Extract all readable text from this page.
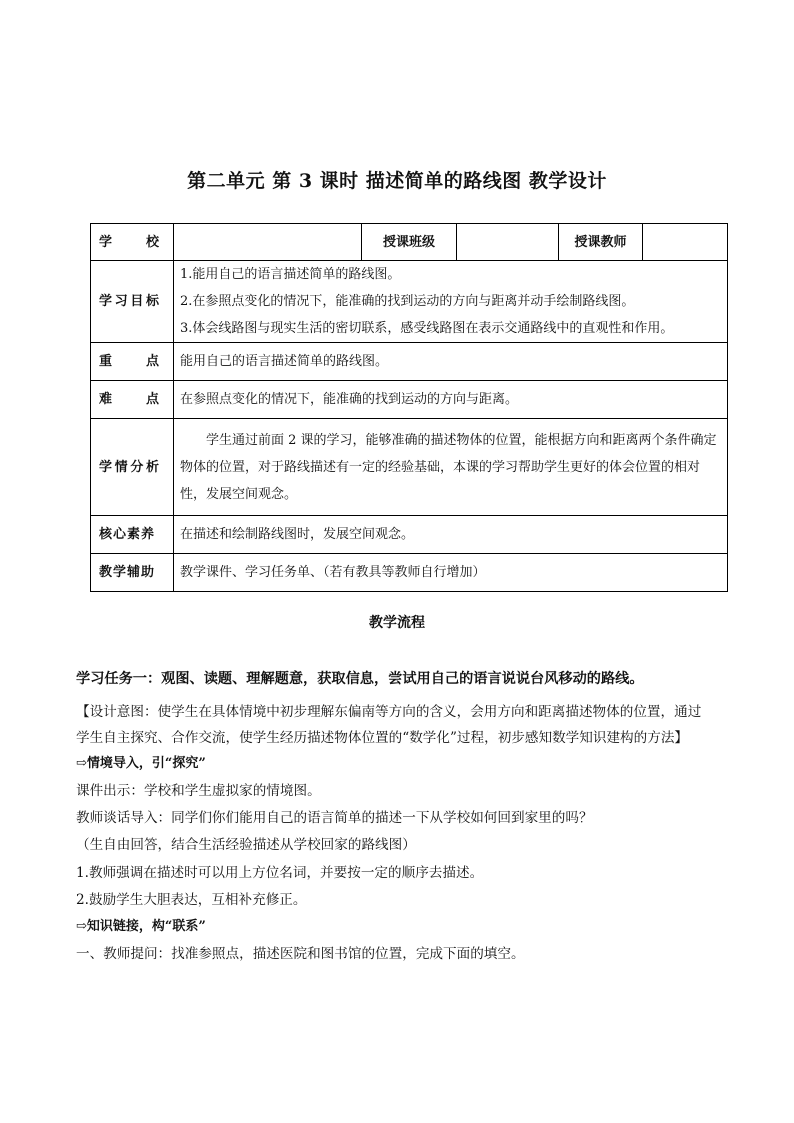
第二单元 第 3 课时 描述简单的路线图 教学设计
学 校		授课班级		授课教师	
学习目标	1.能用自己的语言描述简单的路线图。
2.在参照点变化的情况下，能准确的找到运动的方向与距离并动手绘制路线图。
3.体会线路图与现实生活的密切联系，感受线路图在表示交通路线中的直观性和作用。				

重 点	能用自己的语言描述简单的路线图。				
难 点	在参照点变化的情况下，能准确的找到运动的方向与距离。				
学情分析	学生通过前面 2 课的学习，能够准确的描述物体的位置，能根据方向和距离两个条件确定物体的位置，对于路线描述有一定的经验基础，本课的学习帮助学生更好的体会位置的相对性，发展空间观念。				
核心素养	在描述和绘制路线图时，发展空间观念。				
教学辅助	教学课件、学习任务单、（若有教具等教师自行增加）				
教学流程

学习任务一：观图、读题、理解题意，获取信息，尝试用自己的语言说说台风移动的路线。

【设计意图：使学生在具体情境中初步理解东偏南等方向的含义，会用方向和距离描述物体的位置，通过

学生自主探究、合作交流，使学生经历描述物体位置的“数学化”过程，初步感知数学知识建构的方法】

⇨情境导入，引“探究”

课件出示：学校和学生虚拟家的情境图。

教师谈话导入：同学们你们能用自己的语言简单的描述一下从学校如何回到家里的吗？

（生自由回答，结合生活经验描述从学校回家的路线图）

1.教师强调在描述时可以用上方位名词，并要按一定的顺序去描述。

2.鼓励学生大胆表达，互相补充修正。

⇨知识链接，构“联系”

一、教师提问：找准参照点，描述医院和图书馆的位置，完成下面的填空。
